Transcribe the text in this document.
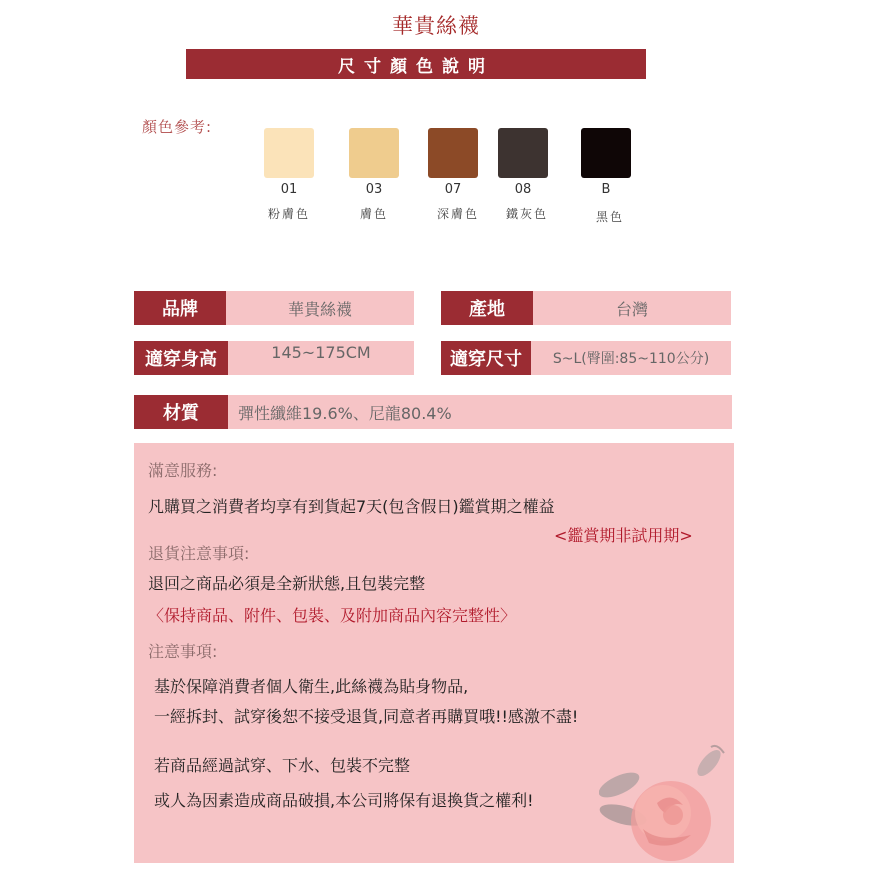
華貴絲襪
尺寸顏色說明
顏色參考:
01
粉膚色
03
膚色
07
深膚色
08
鐵灰色
B
黑色
品牌	華貴絲襪	產地	台灣
適穿身高	145~175CM	適穿尺寸	S~L(臀圍:85~110公分)
材質	彈性纖維19.6%、尼龍80.4%
滿意服務:
凡購買之消費者均享有到貨起7天(包含假日)鑑賞期之權益
<鑑賞期非試用期>
退貨注意事項:
退回之商品必須是全新狀態,且包裝完整
〈保持商品、附件、包裝、及附加商品內容完整性〉
注意事項:
基於保障消費者個人衛生,此絲襪為貼身物品,
一經拆封、試穿後恕不接受退貨,同意者再購買哦!!感激不盡!
若商品經過試穿、下水、包裝不完整
或人為因素造成商品破損,本公司將保有退換貨之權利!
